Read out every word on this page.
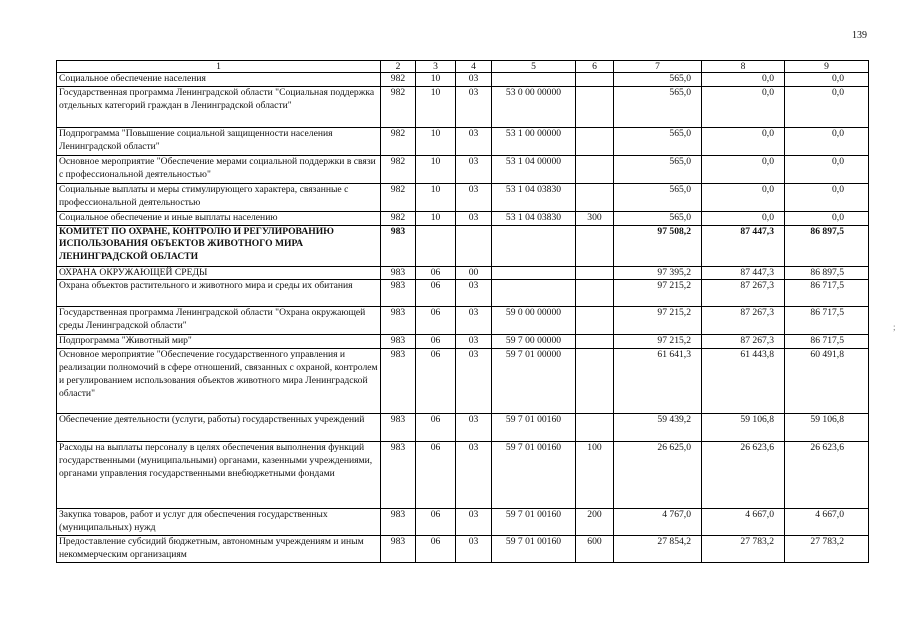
139
1	2	3	4	5	6	7	8	9
Социальное обеспечение населения	982	10	03			565,0	0,0	0,0
Государственная программа Ленинградской области "Социальная поддержка отдельных категорий граждан в Ленинградской области"	982	10	03	53 0 00 00000		565,0	0,0	0,0
Подпрограмма "Повышение социальной защищенности населения Ленинградской области"	982	10	03	53 1 00 00000		565,0	0,0	0,0
Основное мероприятие "Обеспечение мерами социальной поддержки в связи с профессиональной деятельностью"	982	10	03	53 1 04 00000		565,0	0,0	0,0
Социальные выплаты и меры стимулирующего характера, связанные с профессиональной деятельностью	982	10	03	53 1 04 03830		565,0	0,0	0,0
Социальное обеспечение и иные выплаты населению	982	10	03	53 1 04 03830	300	565,0	0,0	0,0
КОМИТЕТ ПО ОХРАНЕ, КОНТРОЛЮ И РЕГУЛИРОВАНИЮ ИСПОЛЬЗОВАНИЯ ОБЪЕКТОВ ЖИВОТНОГО МИРА ЛЕНИНГРАДСКОЙ ОБЛАСТИ	983					97 508,2	87 447,3	86 897,5
ОХРАНА ОКРУЖАЮЩЕЙ СРЕДЫ	983	06	00			97 395,2	87 447,3	86 897,5
Охрана объектов растительного и животного мира и среды их обитания	983	06	03			97 215,2	87 267,3	86 717,5
Государственная программа Ленинградской области "Охрана окружающей среды Ленинградской области"	983	06	03	59 0 00 00000		97 215,2	87 267,3	86 717,5
Подпрограмма "Животный мир"	983	06	03	59 7 00 00000		97 215,2	87 267,3	86 717,5
Основное мероприятие "Обеспечение государственного управления и реализации полномочий в сфере отношений, связанных с охраной, контролем и регулированием использования объектов животного мира Ленинградской области"	983	06	03	59 7 01 00000		61 641,3	61 443,8	60 491,8
Обеспечение деятельности (услуги, работы) государственных учреждений	983	06	03	59 7 01 00160		59 439,2	59 106,8	59 106,8
Расходы на выплаты персоналу в целях обеспечения выполнения функций государственными (муниципальными) органами, казенными учреждениями, органами управления государственными внебюджетными фондами	983	06	03	59 7 01 00160	100	26 625,0	26 623,6	26 623,6
Закупка товаров, работ и услуг для обеспечения государственных (муниципальных) нужд	983	06	03	59 7 01 00160	200	4 767,0	4 667,0	4 667,0
Предоставление субсидий бюджетным, автономным учреждениям и иным некоммерческим организациям	983	06	03	59 7 01 00160	600	27 854,2	27 783,2	27 783,2
;
